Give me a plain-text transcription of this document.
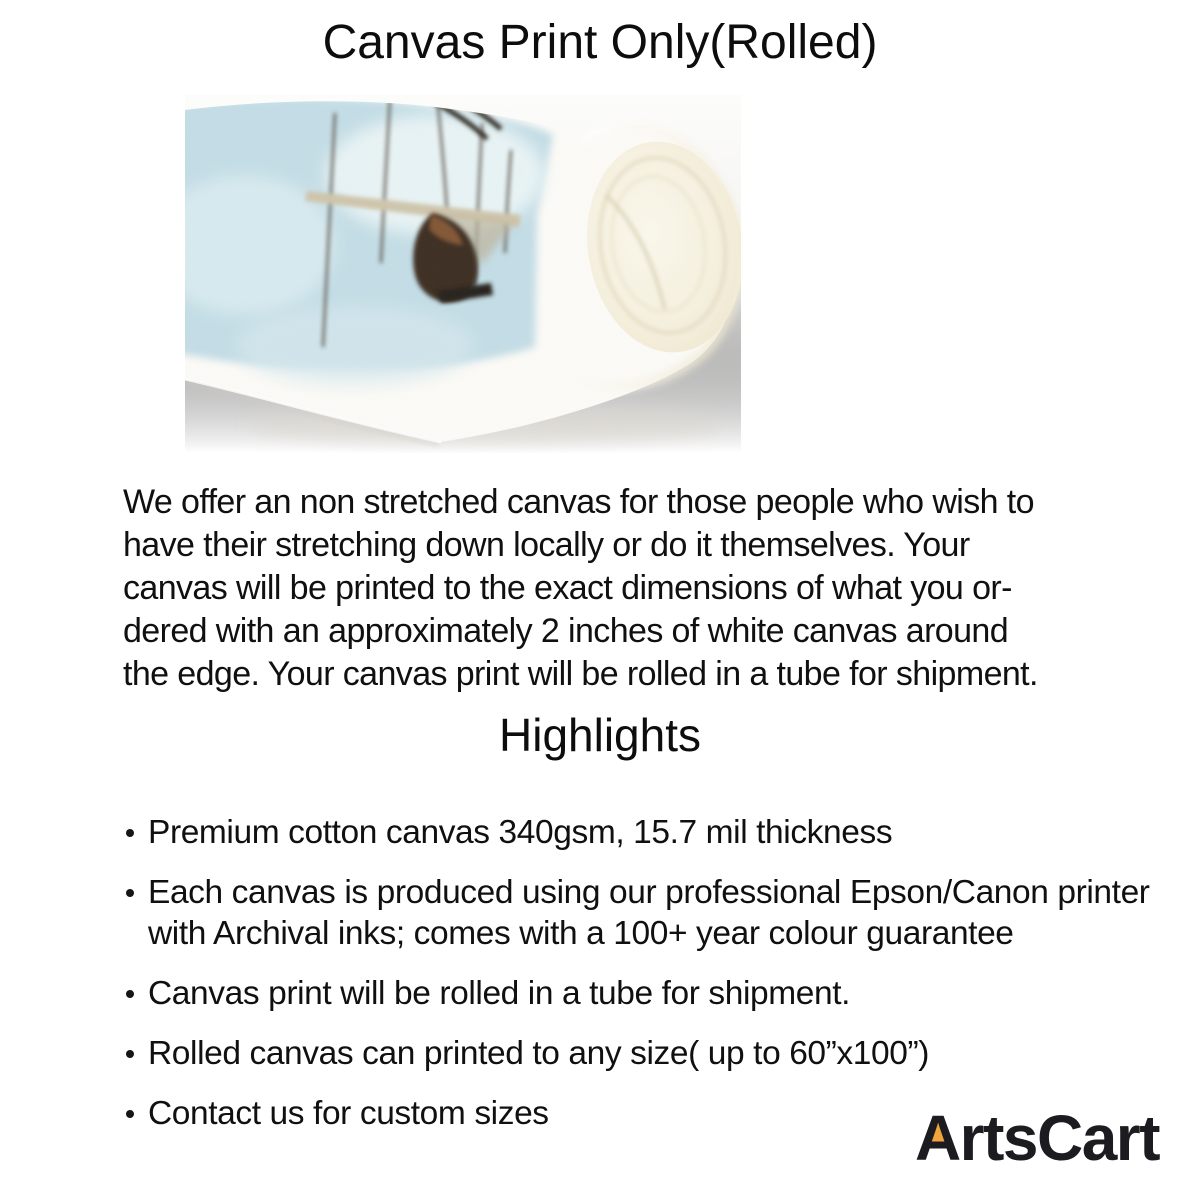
Canvas Print Only(Rolled)
We offer an non stretched canvas for those people who wish to
have their stretching down locally or do it themselves. Your
canvas will be printed to the exact dimensions of what you or-
dered with an approximately 2 inches of white canvas around
the edge. Your canvas print will be rolled in a tube for shipment.
Highlights
Premium cotton canvas 340gsm, 15.7 mil thickness
Each canvas is produced using our professional Epson/Canon printer
with Archival inks; comes with a 100+ year colour guarantee
Canvas print will be rolled in a tube for shipment.
Rolled canvas can printed to any size( up to 60”x100”)
Contact us for custom sizes	ArtsCart
